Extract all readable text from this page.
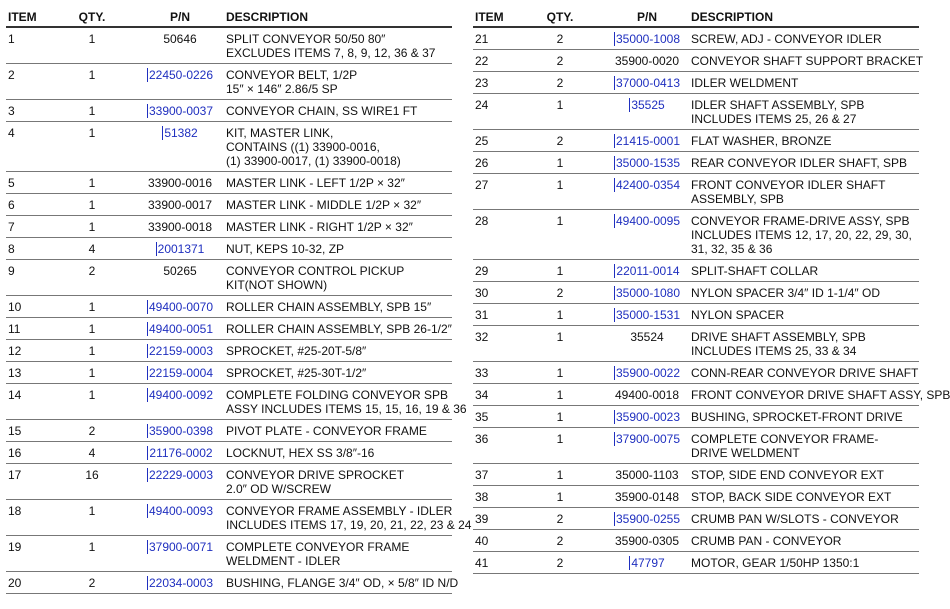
ITEM	QTY.	P/N	DESCRIPTION
1	1	50646	SPLIT CONVEYOR 50/50 80″
EXCLUDES ITEMS 7, 8, 9, 12, 36 & 37

2	1	22450-0226	CONVEYOR BELT, 1/2P
15″ × 146″ 2.86/5 SP

3	1	33900-0037	CONVEYOR CHAIN, SS WIRE1 FT

4	1	51382	KIT, MASTER LINK,
CONTAINS ((1) 33900-0016,
(1) 33900-0017, (1) 33900-0018)

5	1	33900-0016	MASTER LINK - LEFT 1/2P × 32″

6	1	33900-0017	MASTER LINK - MIDDLE 1/2P × 32″

7	1	33900-0018	MASTER LINK - RIGHT 1/2P × 32″

8	4	2001371	NUT, KEPS 10-32, ZP

9	2	50265	CONVEYOR CONTROL PICKUP
KIT(NOT SHOWN)

10	1	49400-0070	ROLLER CHAIN ASSEMBLY, SPB 15″

11	1	49400-0051	ROLLER CHAIN ASSEMBLY, SPB 26-1/2″

12	1	22159-0003	SPROCKET, #25-20T-5/8″

13	1	22159-0004	SPROCKET, #25-30T-1/2″

14	1	49400-0092	COMPLETE FOLDING CONVEYOR SPB
ASSY INCLUDES ITEMS 15, 15, 16, 19 & 36

15	2	35900-0398	PIVOT PLATE - CONVEYOR FRAME

16	4	21176-0002	LOCKNUT, HEX SS 3/8″-16

17	16	22229-0003	CONVEYOR DRIVE SPROCKET
2.0″ OD W/SCREW

18	1	49400-0093	CONVEYOR FRAME ASSEMBLY - IDLER
INCLUDES ITEMS 17, 19, 20, 21, 22, 23 & 24

19	1	37900-0071	COMPLETE CONVEYOR FRAME
WELDMENT - IDLER

20	2	22034-0003	BUSHING, FLANGE 3/4″ OD, × 5/8″ ID N/D
ITEM	QTY.	P/N	DESCRIPTION
21	2	35000-1008	SCREW, ADJ - CONVEYOR IDLER

22	2	35900-0020	CONVEYOR SHAFT SUPPORT BRACKET

23	2	37000-0413	IDLER WELDMENT

24	1	35525	IDLER SHAFT ASSEMBLY, SPB
INCLUDES ITEMS 25, 26 & 27

25	2	21415-0001	FLAT WASHER, BRONZE

26	1	35000-1535	REAR CONVEYOR IDLER SHAFT, SPB

27	1	42400-0354	FRONT CONVEYOR IDLER SHAFT
ASSEMBLY, SPB

28	1	49400-0095	CONVEYOR FRAME-DRIVE ASSY, SPB
INCLUDES ITEMS 12, 17, 20, 22, 29, 30,
31, 32, 35 & 36

29	1	22011-0014	SPLIT-SHAFT COLLAR

30	2	35000-1080	NYLON SPACER 3/4″ ID 1-1/4″ OD

31	1	35000-1531	NYLON SPACER

32	1	35524	DRIVE SHAFT ASSEMBLY, SPB
INCLUDES ITEMS 25, 33 & 34

33	1	35900-0022	CONN-REAR CONVEYOR DRIVE SHAFT

34	1	49400-0018	FRONT CONVEYOR DRIVE SHAFT ASSY, SPB

35	1	35900-0023	BUSHING, SPROCKET-FRONT DRIVE

36	1	37900-0075	COMPLETE CONVEYOR FRAME-
DRIVE WELDMENT

37	1	35000-1103	STOP, SIDE END CONVEYOR EXT

38	1	35900-0148	STOP, BACK SIDE CONVEYOR EXT

39	2	35900-0255	CRUMB PAN W/SLOTS - CONVEYOR

40	2	35900-0305	CRUMB PAN - CONVEYOR

41	2	47797	MOTOR, GEAR 1/50HP 1350:1
